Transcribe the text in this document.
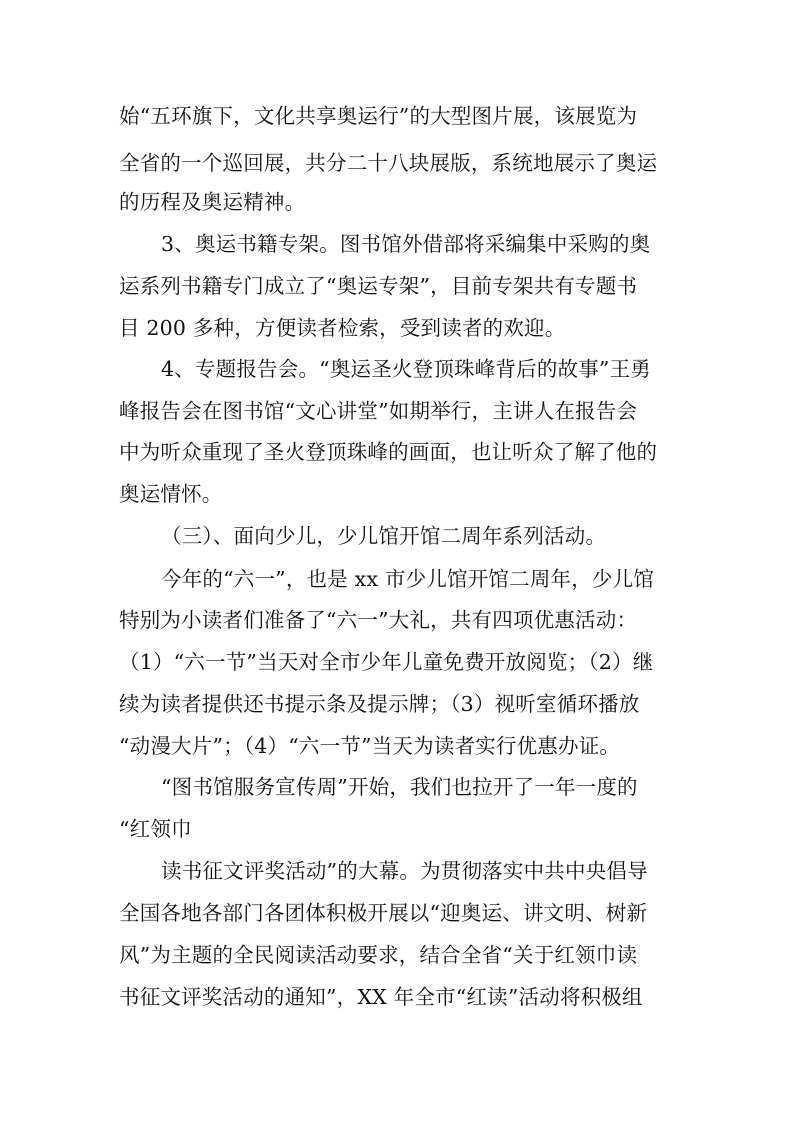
始“五环旗下，文化共享奥运行”的大型图片展，该展览为
全省的一个巡回展，共分二十八块展版，系统地展示了奥运
的历程及奥运精神。
3、奥运书籍专架。图书馆外借部将采编集中采购的奥
运系列书籍专门成立了“奥运专架”，目前专架共有专题书
目 200 多种，方便读者检索，受到读者的欢迎。
4、专题报告会。“奥运圣火登顶珠峰背后的故事”王勇
峰报告会在图书馆“文心讲堂”如期举行，主讲人在报告会
中为听众重现了圣火登顶珠峰的画面，也让听众了解了他的
奥运情怀。
（三）、面向少儿，少儿馆开馆二周年系列活动。
今年的“六一”，也是 xx 市少儿馆开馆二周年，少儿馆
特别为小读者们准备了“六一”大礼，共有四项优惠活动：
（1）“六一节”当天对全市少年儿童免费开放阅览；（2）继
续为读者提供还书提示条及提示牌；（3）视听室循环播放
“动漫大片”；（4）“六一节”当天为读者实行优惠办证。
“图书馆服务宣传周”开始，我们也拉开了一年一度的
“红领巾
读书征文评奖活动”的大幕。为贯彻落实中共中央倡导
全国各地各部门各团体积极开展以“迎奥运、讲文明、树新
风”为主题的全民阅读活动要求，结合全省“关于红领巾读
书征文评奖活动的通知”，XX 年全市“红读”活动将积极组
